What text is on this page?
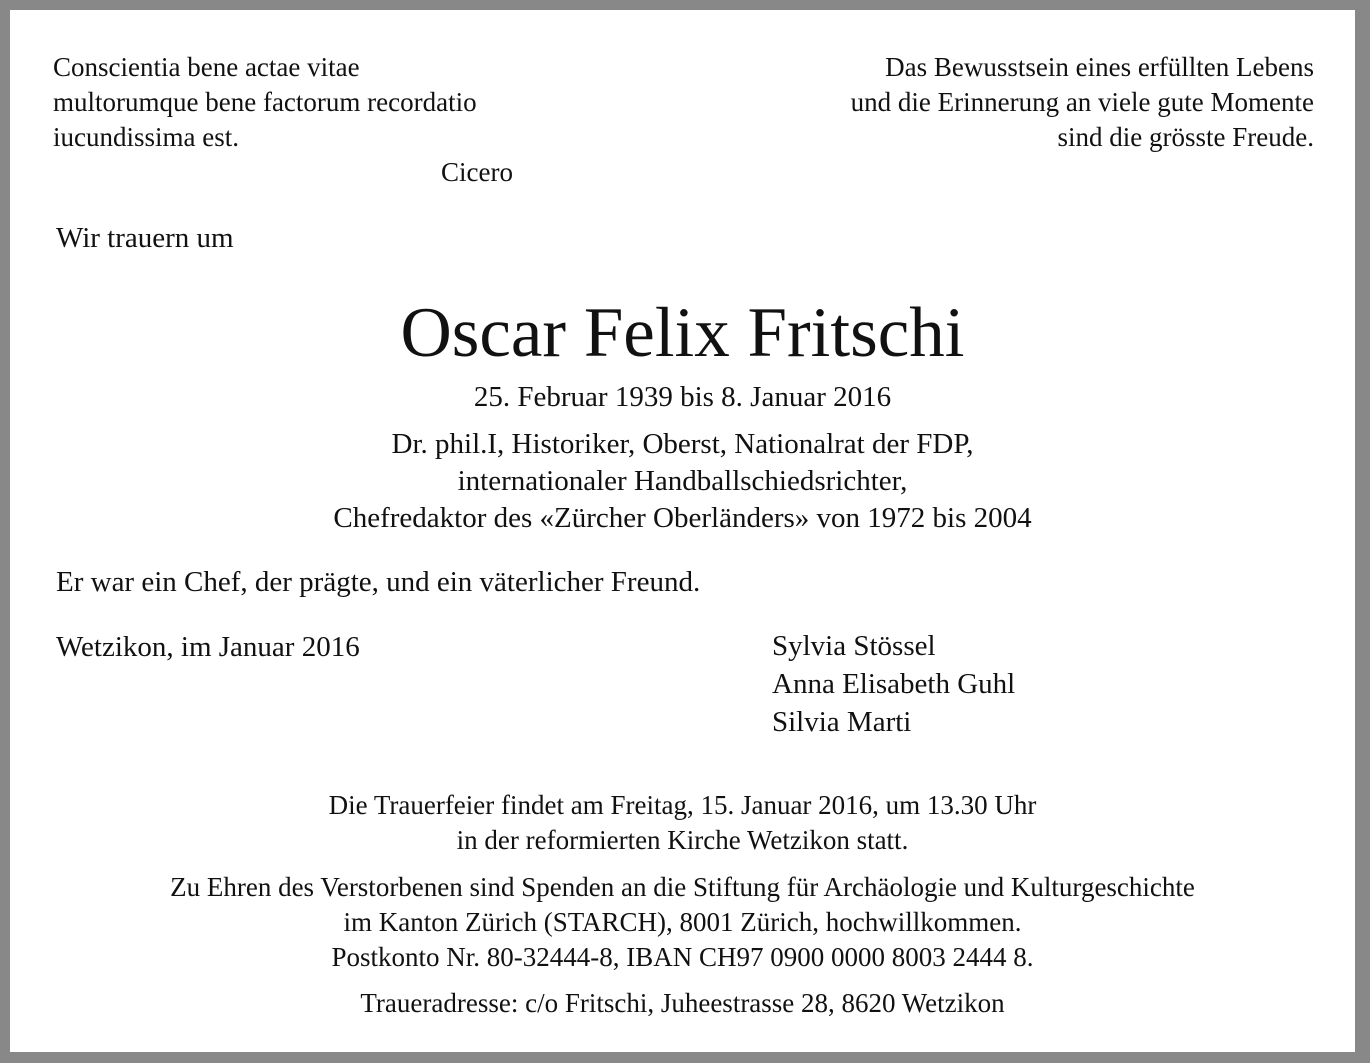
Conscientia bene actae vitae
multorumque bene factorum recordatio
iucundissima est.
Cicero
Das Bewusstsein eines erfüllten Lebens
und die Erinnerung an viele gute Momente
sind die grösste Freude.
Wir trauern um
Oscar Felix Fritschi
25. Februar 1939 bis 8. Januar 2016
Dr. phil.I, Historiker, Oberst, Nationalrat der FDP,
internationaler Handballschiedsrichter,
Chefredaktor des «Zürcher Oberländers» von 1972 bis 2004
Er war ein Chef, der prägte, und ein väterlicher Freund.
Wetzikon, im Januar 2016	Sylvia Stössel
Anna Elisabeth Guhl
Silvia Marti
Die Trauerfeier findet am Freitag, 15. Januar 2016, um 13.30 Uhr
in der reformierten Kirche Wetzikon statt.
Zu Ehren des Verstorbenen sind Spenden an die Stiftung für Archäologie und Kulturgeschichte
im Kanton Zürich (STARCH), 8001 Zürich, hochwillkommen.
Postkonto Nr. 80-32444-8, IBAN CH97 0900 0000 8003 2444 8.
Traueradresse: c/o Fritschi, Juheestrasse 28, 8620 Wetzikon
